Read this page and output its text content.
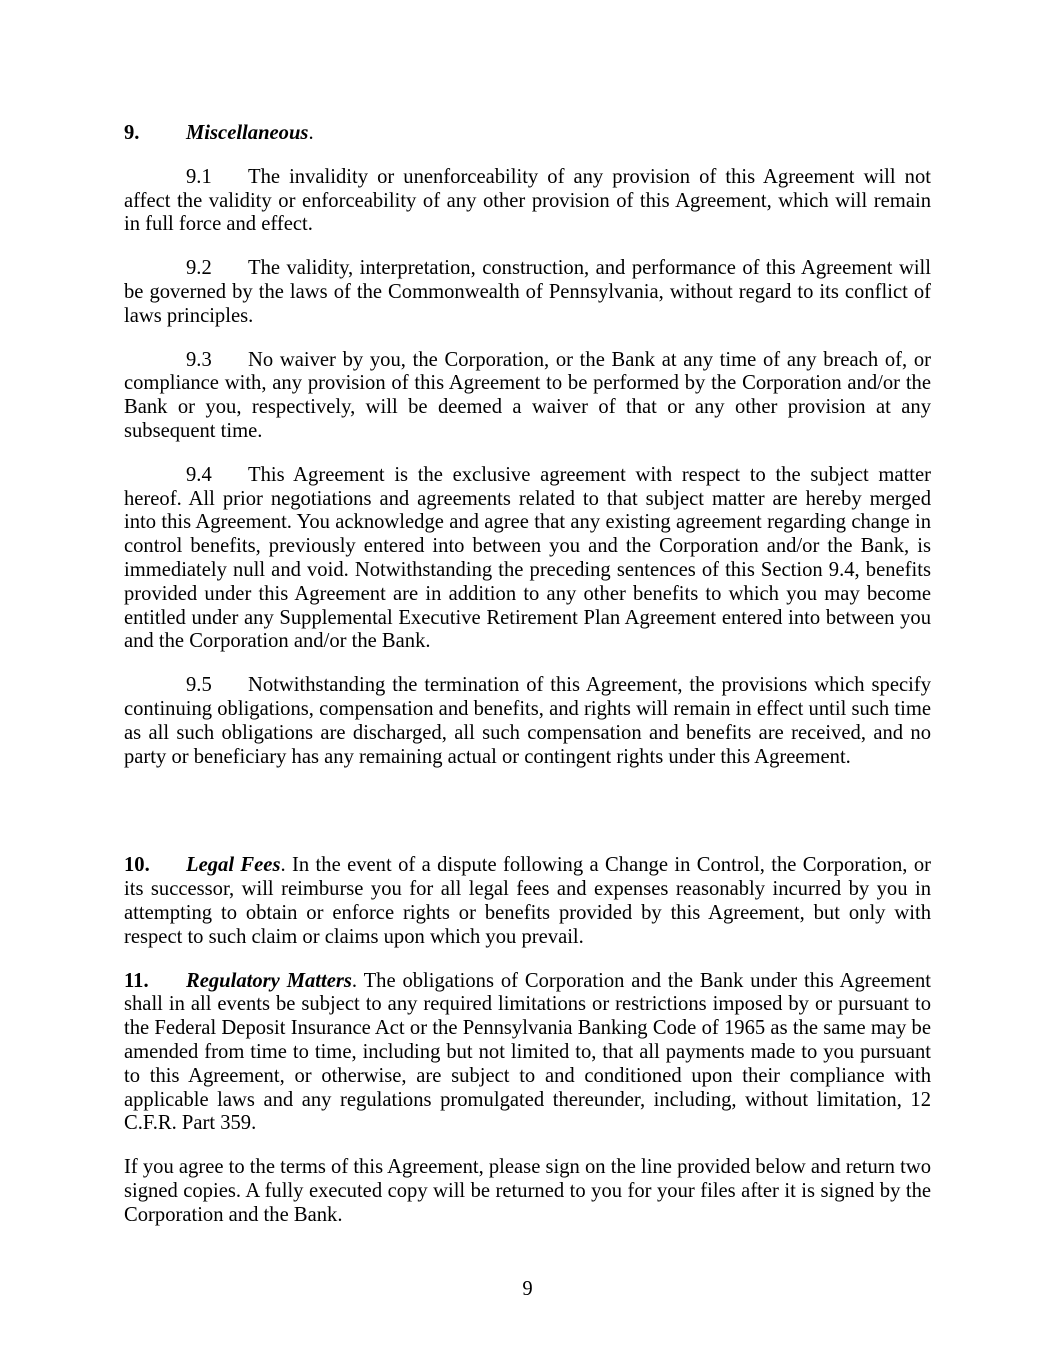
9. Miscellaneous.

9.1 The invalidity or unenforceability of any provision of this Agreement will not affect the validity or enforceability of any other provision of this Agreement, which will remain in full force and effect.

9.2 The validity, interpretation, construction, and performance of this Agreement will be governed by the laws of the Commonwealth of Pennsylvania, without regard to its conflict of laws principles.

9.3 No waiver by you, the Corporation, or the Bank at any time of any breach of, or compliance with, any provision of this Agreement to be performed by the Corporation and/or the Bank or you, respectively, will be deemed a waiver of that or any other provision at any subsequent time.

9.4 This Agreement is the exclusive agreement with respect to the subject matter hereof. All prior negotiations and agreements related to that subject matter are hereby merged into this Agreement. You acknowledge and agree that any existing agreement regarding change in control benefits, previously entered into between you and the Corporation and/or the Bank, is immediately null and void. Notwithstanding the preceding sentences of this Section 9.4, benefits provided under this Agreement are in addition to any other benefits to which you may become entitled under any Supplemental Executive Retirement Plan Agreement entered into between you and the Corporation and/or the Bank.

9.5 Notwithstanding the termination of this Agreement, the provisions which specify continuing obligations, compensation and benefits, and rights will remain in effect until such time as all such obligations are discharged, all such compensation and benefits are received, and no party or beneficiary has any remaining actual or contingent rights under this Agreement.

10. Legal Fees. In the event of a dispute following a Change in Control, the Corporation, or its successor, will reimburse you for all legal fees and expenses reasonably incurred by you in attempting to obtain or enforce rights or benefits provided by this Agreement, but only with respect to such claim or claims upon which you prevail.

11. Regulatory Matters. The obligations of Corporation and the Bank under this Agreement shall in all events be subject to any required limitations or restrictions imposed by or pursuant to the Federal Deposit Insurance Act or the Pennsylvania Banking Code of 1965 as the same may be amended from time to time, including but not limited to, that all payments made to you pursuant to this Agreement, or otherwise, are subject to and conditioned upon their compliance with applicable laws and any regulations promulgated thereunder, including, without limitation, 12 C.F.R. Part 359.

If you agree to the terms of this Agreement, please sign on the line provided below and return two signed copies. A fully executed copy will be returned to you for your files after it is signed by the Corporation and the Bank.

9
